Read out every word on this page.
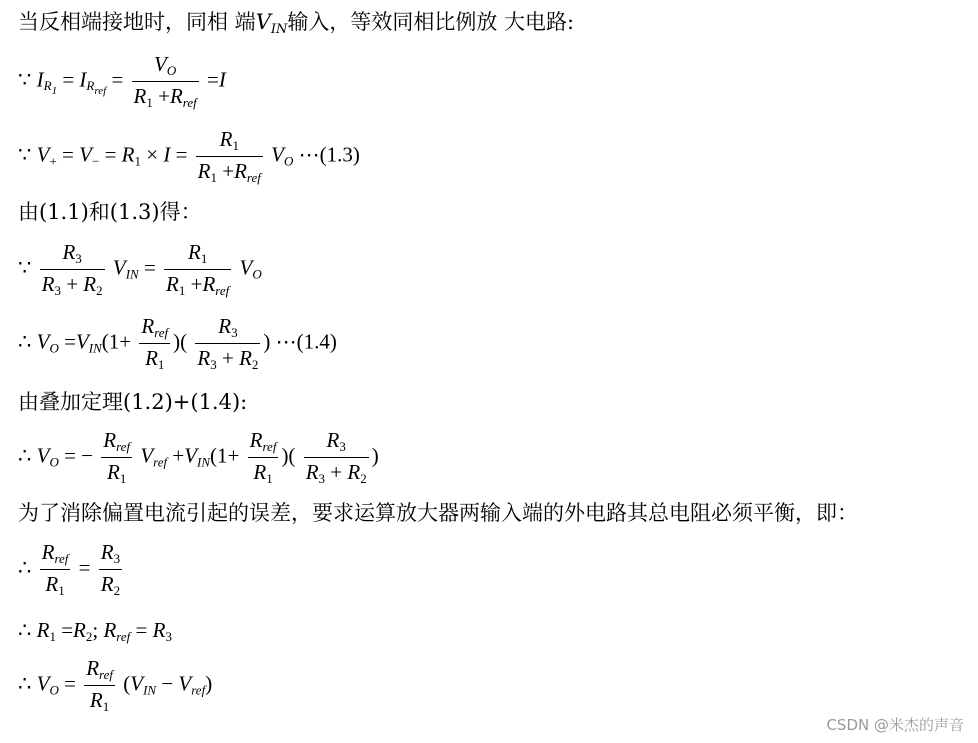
当反相端接地时，同相 端$V_{IN}$输入，等效同相比例放 大电路:
∵ $I_{R_1} = I_{R_{ref}} = \frac{V_O}{R_1 +R_{ref}} =I$
∵ $V_+ = V_- = R_1 \times I = \frac{R_1}{R_1 +R_{ref}} V_O$ ⋯(1.3)
由(1.1)和(1.3)得：
∵ $\frac{R_3}{R_3 + R_2} V_{IN} = \frac{R_1}{R_1 +R_{ref}} V_O$
∴ $V_O =V_{IN}(1+ \frac{R_{ref}}{R_1}$ )( $\frac{R_3}{R_3 + R_2}$ ) ⋯(1.4)
由叠加定理(1.2)+(1.4):
∴ $V_O$ = − $\frac{R_{ref}}{R_1} V_{ref} +V_{IN}(1+ \frac{R_{ref}}{R_1}$ )( $\frac{R_3}{R_3 + R_2}$ )
为了消除偏置电流引起的误差，要求运算放大器两输入端的外电路其总电阻必须平衡，即：
∴ $\frac{R_{ref}}{R_1} = \frac{R_3}{R_2}$
∴ $R_1 =R_2$; $R_{ref} = R_3$
∴ $V_O = \frac{R_{ref}}{R_1} (V_{IN} - V_{ref})$
CSDN @米杰的声音
